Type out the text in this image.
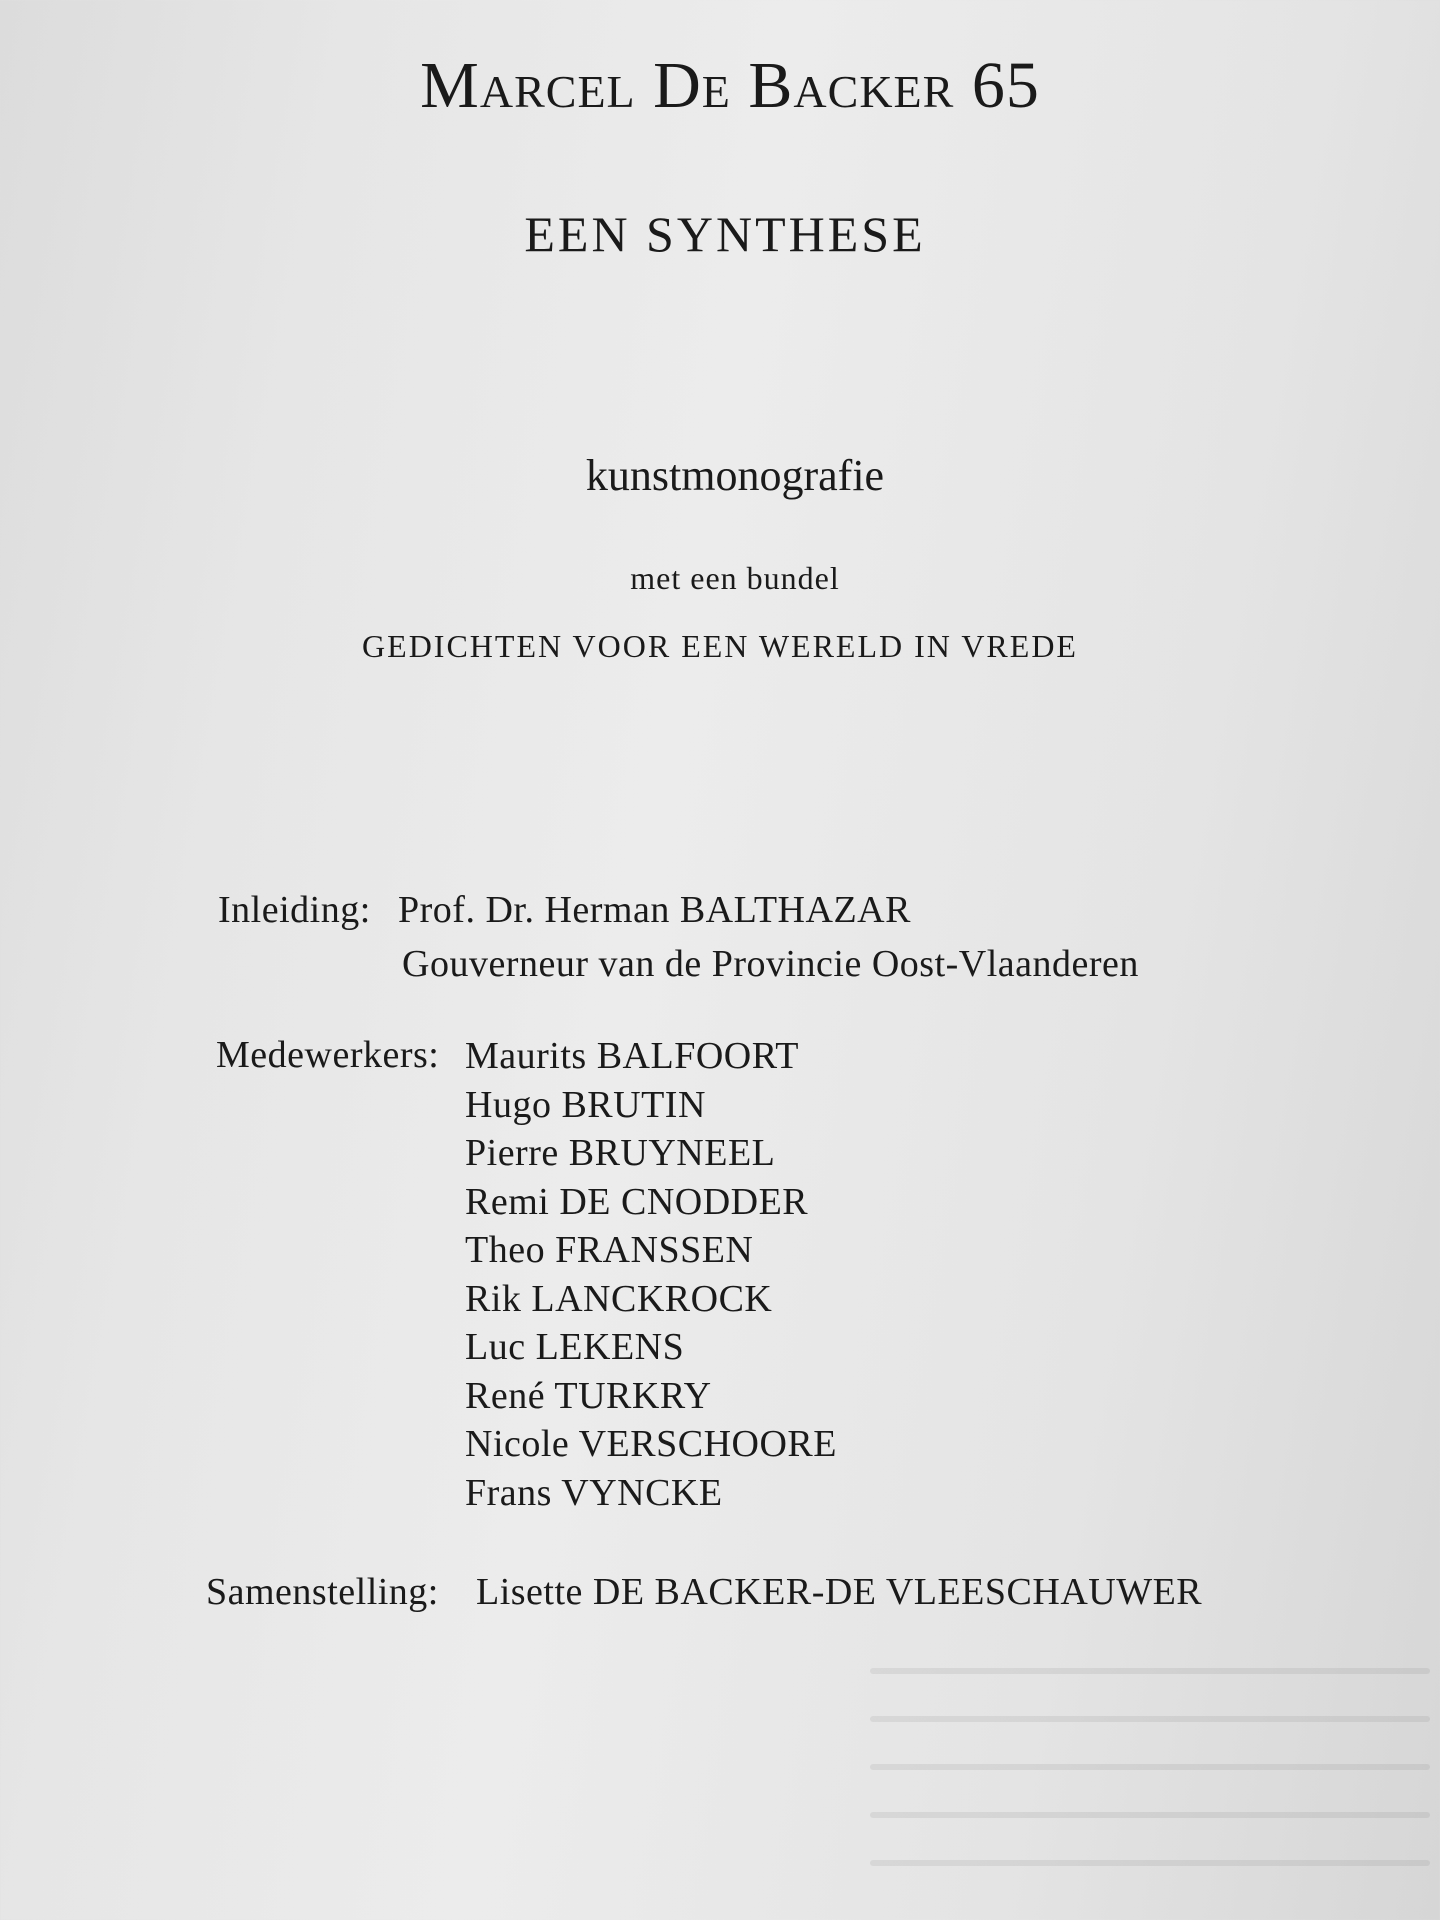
Marcel De Backer 65
EEN SYNTHESE
kunstmonografie
met een bundel
GEDICHTEN VOOR EEN WERELD IN VREDE
Inleiding: Prof. Dr. Herman BALTHAZAR
Gouverneur van de Provincie Oost-Vlaanderen
Medewerkers: Maurits BALFOORT
Hugo BRUTIN
Pierre BRUYNEEL
Remi DE CNODDER
Theo FRANSSEN
Rik LANCKROCK
Luc LEKENS
René TURKRY
Nicole VERSCHOORE
Frans VYNCKE
Samenstelling: Lisette DE BACKER-DE VLEESCHAUWER
